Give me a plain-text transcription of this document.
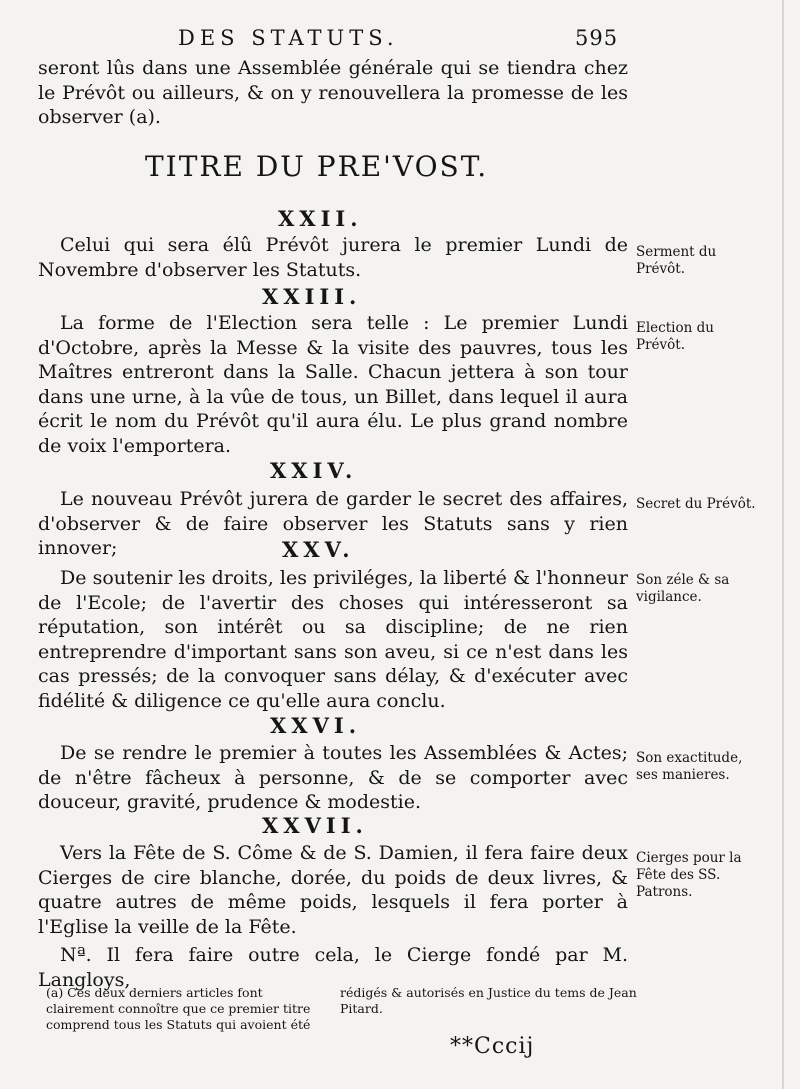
DES STATUTS.	595

seront lûs dans une Assemblée générale qui se tiendra chez le Prévôt ou ailleurs, & on y renouvellera la promesse de les observer (a).

TITRE DU PRE'VOST.
XXII.

Celui qui sera élû Prévôt jurera le premier Lundi de Novembre d'observer les Statuts.

Serment du Prévôt.
XXIII.

La forme de l'Election sera telle : Le premier Lundi d'Octobre, après la Messe & la visite des pauvres, tous les Maîtres entreront dans la Salle. Chacun jettera à son tour dans une urne, à la vûe de tous, un Billet, dans lequel il aura écrit le nom du Prévôt qu'il aura élu. Le plus grand nombre de voix l'emportera.

Election du Prévôt.
XXIV.

Le nouveau Prévôt jurera de garder le secret des affaires, d'observer & de faire observer les Statuts sans y rien innover;

Secret du Prévôt.
XXV.

De soutenir les droits, les priviléges, la liberté & l'honneur de l'Ecole; de l'avertir des choses qui intéresseront sa réputation, son intérêt ou sa discipline; de ne rien entreprendre d'important sans son aveu, si ce n'est dans les cas pressés; de la convoquer sans délay, & d'exécuter avec fidélité & diligence ce qu'elle aura conclu.

Son zéle & sa vigilance.
XXVI.

De se rendre le premier à toutes les Assemblées & Actes; de n'être fâcheux à personne, & de se comporter avec douceur, gravité, prudence & modestie.

Son exactitude, ses manieres.
XXVII.

Vers la Fête de S. Côme & de S. Damien, il fera faire deux Cierges de cire blanche, dorée, du poids de deux livres, & quatre autres de même poids, lesquels il fera porter à l'Eglise la veille de la Fête.

Cierges pour la Fête des SS. Patrons.

Nª. Il fera faire outre cela, le Cierge fondé par M. Langloys,

(a) Ces deux derniers articles font clairement connoître que ce premier titre comprend tous les Statuts qui avoient été
rédigés & autorisés en Justice du tems de Jean Pitard.
**Cccij
